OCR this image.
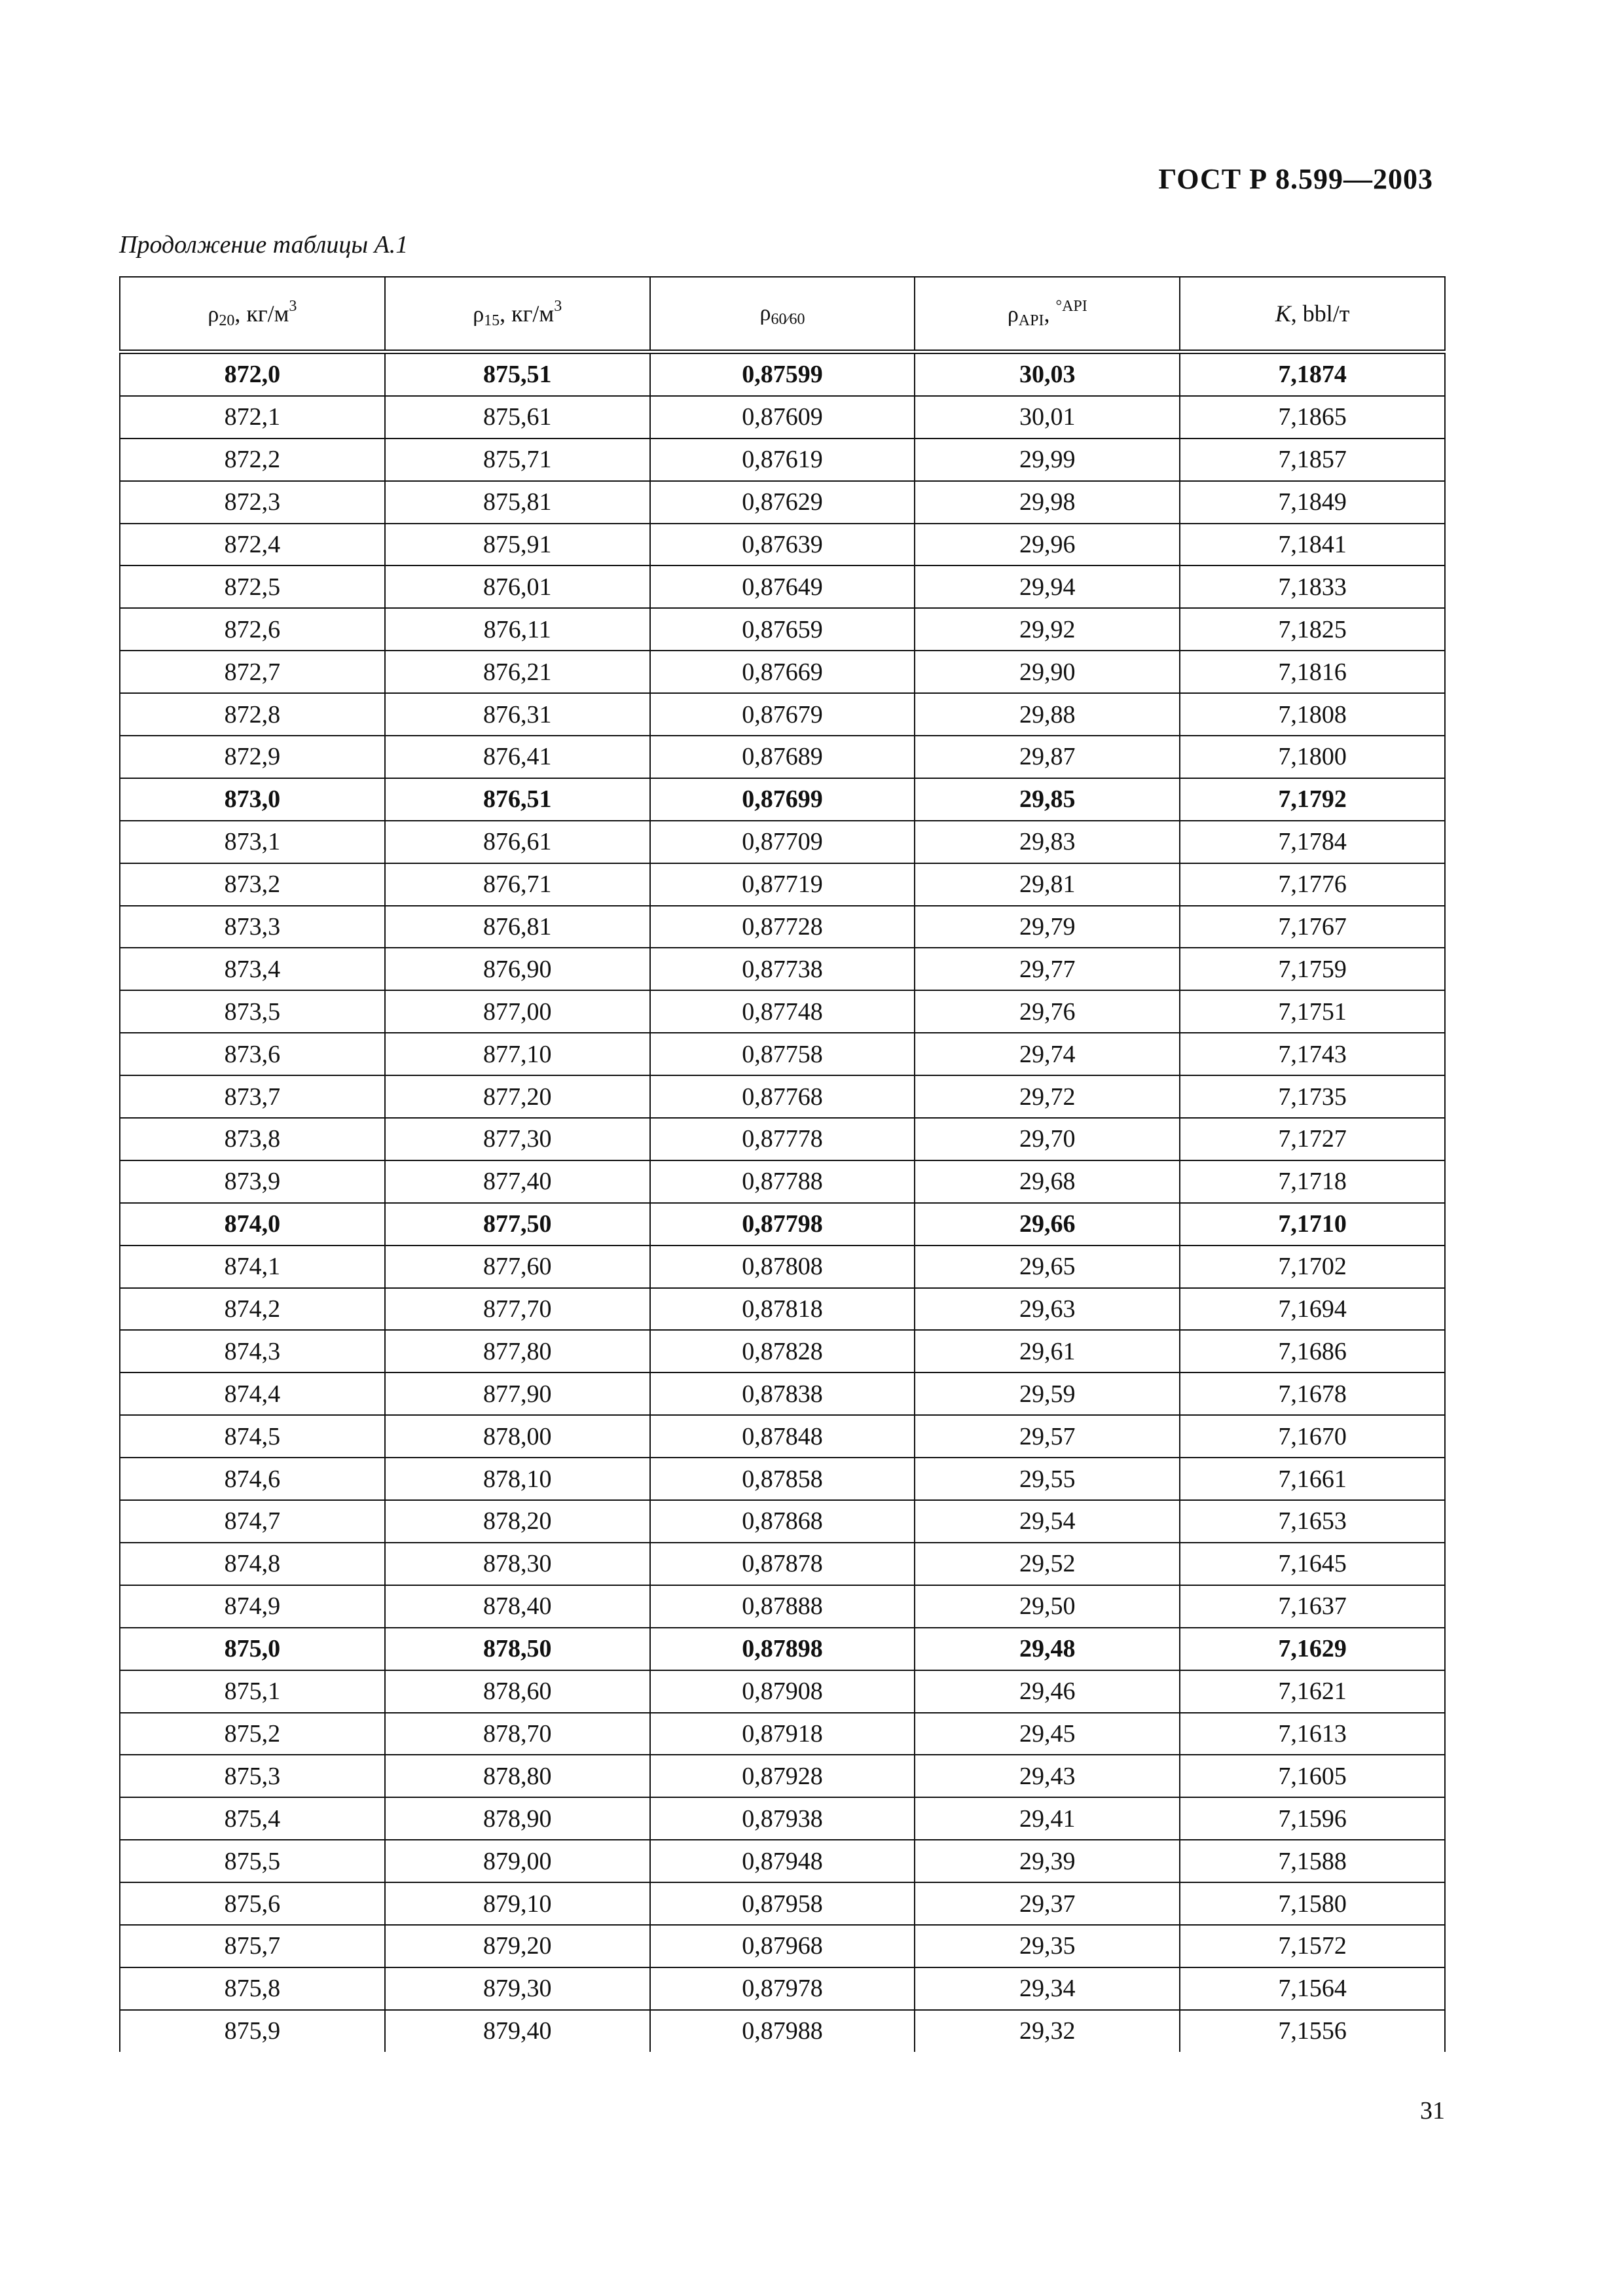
ГОСТ Р 8.599—2003
Продолжение таблицы А.1
$\rho_{20}$, $кг/м^3$	$\rho_{15}$, $кг/м^3$	$\rho_{60⁄60}$	$\rho_{API}$, $^{^\circ API}$	K, bbl/т
872,0	875,51	0,87599	30,03	7,1874
872,1	875,61	0,87609	30,01	7,1865
872,2	875,71	0,87619	29,99	7,1857
872,3	875,81	0,87629	29,98	7,1849
872,4	875,91	0,87639	29,96	7,1841
872,5	876,01	0,87649	29,94	7,1833
872,6	876,11	0,87659	29,92	7,1825
872,7	876,21	0,87669	29,90	7,1816
872,8	876,31	0,87679	29,88	7,1808
872,9	876,41	0,87689	29,87	7,1800
873,0	876,51	0,87699	29,85	7,1792
873,1	876,61	0,87709	29,83	7,1784
873,2	876,71	0,87719	29,81	7,1776
873,3	876,81	0,87728	29,79	7,1767
873,4	876,90	0,87738	29,77	7,1759
873,5	877,00	0,87748	29,76	7,1751
873,6	877,10	0,87758	29,74	7,1743
873,7	877,20	0,87768	29,72	7,1735
873,8	877,30	0,87778	29,70	7,1727
873,9	877,40	0,87788	29,68	7,1718
874,0	877,50	0,87798	29,66	7,1710
874,1	877,60	0,87808	29,65	7,1702
874,2	877,70	0,87818	29,63	7,1694
874,3	877,80	0,87828	29,61	7,1686
874,4	877,90	0,87838	29,59	7,1678
874,5	878,00	0,87848	29,57	7,1670
874,6	878,10	0,87858	29,55	7,1661
874,7	878,20	0,87868	29,54	7,1653
874,8	878,30	0,87878	29,52	7,1645
874,9	878,40	0,87888	29,50	7,1637
875,0	878,50	0,87898	29,48	7,1629
875,1	878,60	0,87908	29,46	7,1621
875,2	878,70	0,87918	29,45	7,1613
875,3	878,80	0,87928	29,43	7,1605
875,4	878,90	0,87938	29,41	7,1596
875,5	879,00	0,87948	29,39	7,1588
875,6	879,10	0,87958	29,37	7,1580
875,7	879,20	0,87968	29,35	7,1572
875,8	879,30	0,87978	29,34	7,1564
875,9	879,40	0,87988	29,32	7,1556
31
